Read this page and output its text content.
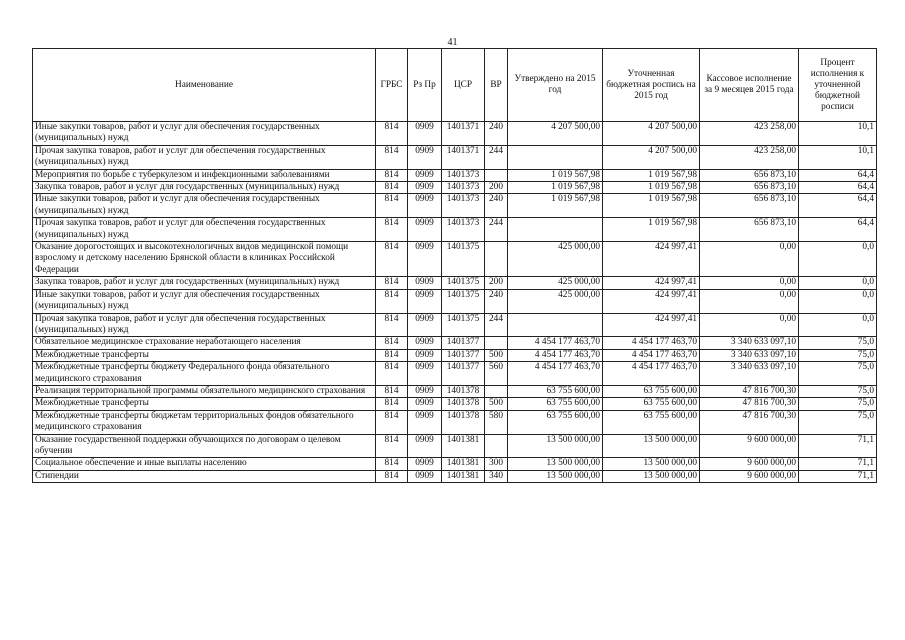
41
Наименование	ГРБС	Рз Пр	ЦСР	ВР	Утверждено на 2015 год	Уточненная бюджетная роспись на 2015 год	Кассовое исполнение за 9 месяцев 2015 года	Процент исполнения к уточненной бюджетной росписи
Иные закупки товаров, работ и услуг для обеспечения государственных (муниципальных) нужд	814	0909	1401371	240	4 207 500,00	4 207 500,00	423 258,00	10,1
Прочая закупка товаров, работ и услуг для обеспечения государственных (муниципальных) нужд	814	0909	1401371	244		4 207 500,00	423 258,00	10,1
Мероприятия по борьбе с туберкулезом и инфекционными заболеваниями	814	0909	1401373		1 019 567,98	1 019 567,98	656 873,10	64,4
Закупка товаров, работ и услуг для государственных (муниципальных) нужд	814	0909	1401373	200	1 019 567,98	1 019 567,98	656 873,10	64,4
Иные закупки товаров, работ и услуг для обеспечения государственных (муниципальных) нужд	814	0909	1401373	240	1 019 567,98	1 019 567,98	656 873,10	64,4
Прочая закупка товаров, работ и услуг для обеспечения государственных (муниципальных) нужд	814	0909	1401373	244		1 019 567,98	656 873,10	64,4
Оказание дорогостоящих и высокотехнологичных видов медицинской помощи взрослому и детскому населению Брянской области в клиниках Российской Федерации	814	0909	1401375		425 000,00	424 997,41	0,00	0,0
Закупка товаров, работ и услуг для государственных (муниципальных) нужд	814	0909	1401375	200	425 000,00	424 997,41	0,00	0,0
Иные закупки товаров, работ и услуг для обеспечения государственных (муниципальных) нужд	814	0909	1401375	240	425 000,00	424 997,41	0,00	0,0
Прочая закупка товаров, работ и услуг для обеспечения государственных (муниципальных) нужд	814	0909	1401375	244		424 997,41	0,00	0,0
Обязательное медицинское страхование неработающего населения	814	0909	1401377		4 454 177 463,70	4 454 177 463,70	3 340 633 097,10	75,0
Межбюджетные трансферты	814	0909	1401377	500	4 454 177 463,70	4 454 177 463,70	3 340 633 097,10	75,0
Межбюджетные трансферты бюджету Федерального фонда обязательного медицинского страхования	814	0909	1401377	560	4 454 177 463,70	4 454 177 463,70	3 340 633 097,10	75,0
Реализация территориальной программы обязательного медицинского страхования	814	0909	1401378		63 755 600,00	63 755 600,00	47 816 700,30	75,0
Межбюджетные трансферты	814	0909	1401378	500	63 755 600,00	63 755 600,00	47 816 700,30	75,0
Межбюджетные трансферты бюджетам территориальных фондов обязательного медицинского страхования	814	0909	1401378	580	63 755 600,00	63 755 600,00	47 816 700,30	75,0
Оказание государственной поддержки обучающихся по договорам о целевом обучении	814	0909	1401381		13 500 000,00	13 500 000,00	9 600 000,00	71,1
Социальное обеспечение и иные выплаты населению	814	0909	1401381	300	13 500 000,00	13 500 000,00	9 600 000,00	71,1
Стипендии	814	0909	1401381	340	13 500 000,00	13 500 000,00	9 600 000,00	71,1
